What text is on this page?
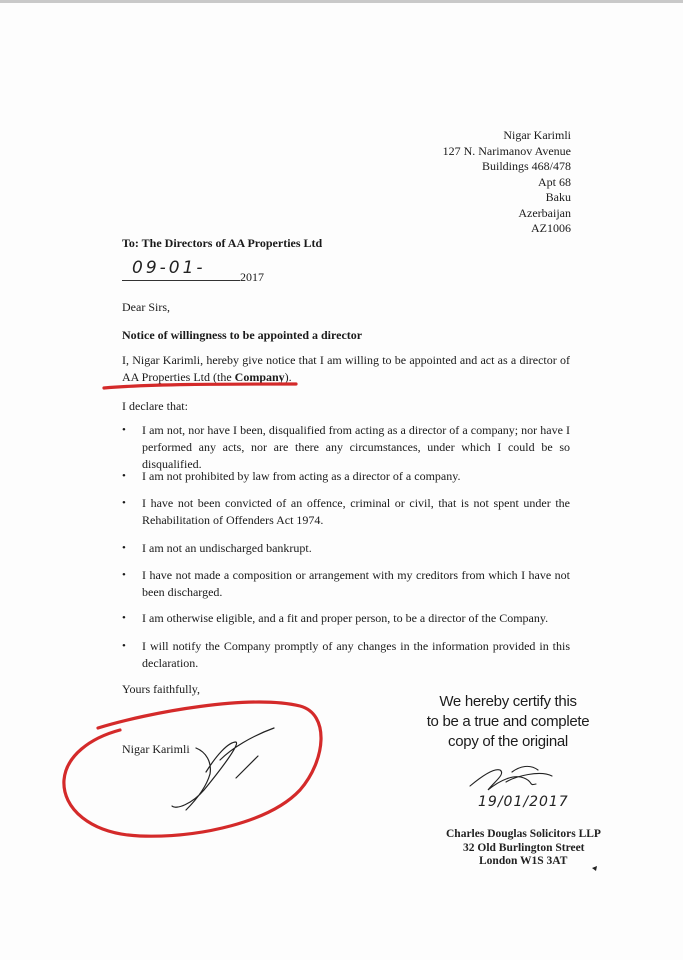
Nigar Karimli
127 N. Narimanov Avenue
Buildings 468/478
Apt 68
Baku
Azerbaijan
AZ1006
To: The Directors of AA Properties Ltd
09-01-	2017
Dear Sirs,
Notice of willingness to be appointed a director
I, Nigar Karimli, hereby give notice that I am willing to be appointed and act as a director of AA Properties Ltd (the Company).
I declare that:
•	I am not, nor have I been, disqualified from acting as a director of a company; nor have I performed any acts, nor are there any circumstances, under which I could be so disqualified.
•	I am not prohibited by law from acting as a director of a company.
•	I have not been convicted of an offence, criminal or civil, that is not spent under the Rehabilitation of Offenders Act 1974.
•	I am not an undischarged bankrupt.
•	I have not made a composition or arrangement with my creditors from which I have not been discharged.
•	I am otherwise eligible, and a fit and proper person, to be a director of the Company.
•	I will notify the Company promptly of any changes in the information provided in this declaration.
Yours faithfully,
Nigar Karimli
We hereby certify this
to be a true and complete
copy of the original
19/01/2017
Charles Douglas Solicitors LLP
32 Old Burlington Street
London W1S 3AT
